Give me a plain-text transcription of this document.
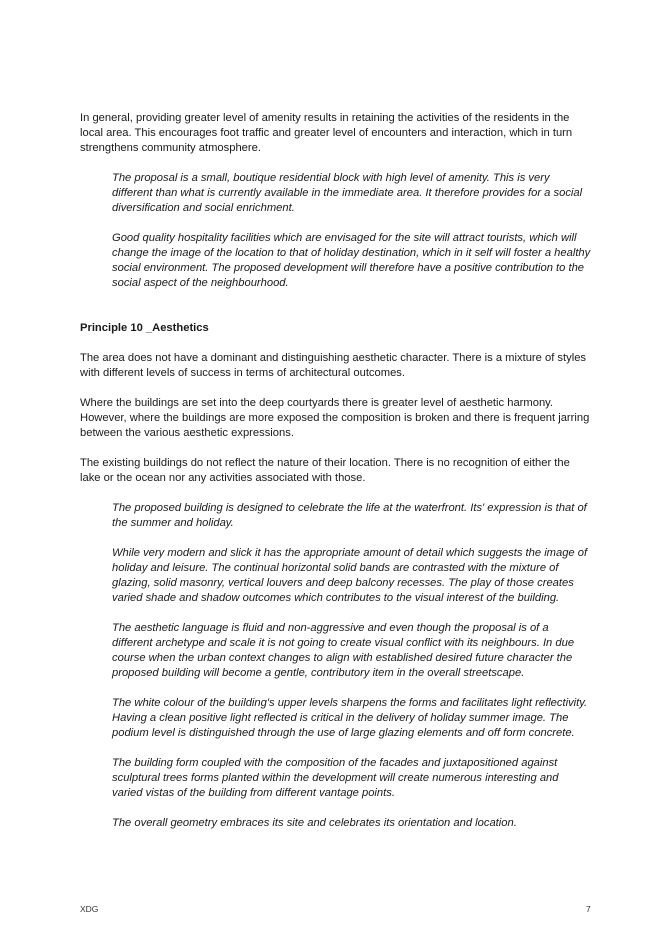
In general, providing greater level of amenity results in retaining the activities of the residents in the local area. This encourages foot traffic and greater level of encounters and interaction, which in turn strengthens community atmosphere.

The proposal is a small, boutique residential block with high level of amenity. This is very different than what is currently available in the immediate area. It therefore provides for a social diversification and social enrichment.

Good quality hospitality facilities which are envisaged for the site will attract tourists, which will change the image of the location to that of holiday destination, which in it self will foster a healthy social environment. The proposed development will therefore have a positive contribution to the social aspect of the neighbourhood.

Principle 10 _Aesthetics

The area does not have a dominant and distinguishing aesthetic character. There is a mixture of styles with different levels of success in terms of architectural outcomes.

Where the buildings are set into the deep courtyards there is greater level of aesthetic harmony. However, where the buildings are more exposed the composition is broken and there is frequent jarring between the various aesthetic expressions.

The existing buildings do not reflect the nature of their location. There is no recognition of either the lake or the ocean nor any activities associated with those.

The proposed building is designed to celebrate the life at the waterfront. Its' expression is that of the summer and holiday.

While very modern and slick it has the appropriate amount of detail which suggests the image of holiday and leisure. The continual horizontal solid bands are contrasted with the mixture of glazing, solid masonry, vertical louvers and deep balcony recesses. The play of those creates varied shade and shadow outcomes which contributes to the visual interest of the building.

The aesthetic language is fluid and non-aggressive and even though the proposal is of a different archetype and scale it is not going to create visual conflict with its neighbours. In due course when the urban context changes to align with established desired future character the proposed building will become a gentle, contributory item in the overall streetscape.

The white colour of the building's upper levels sharpens the forms and facilitates light reflectivity. Having a clean positive light reflected is critical in the delivery of holiday summer image. The podium level is distinguished through the use of large glazing elements and off form concrete.

The building form coupled with the composition of the facades and juxtapositioned against sculptural trees forms planted within the development will create numerous interesting and varied vistas of the building from different vantage points.

The overall geometry embraces its site and celebrates its orientation and location.

XDG	7
